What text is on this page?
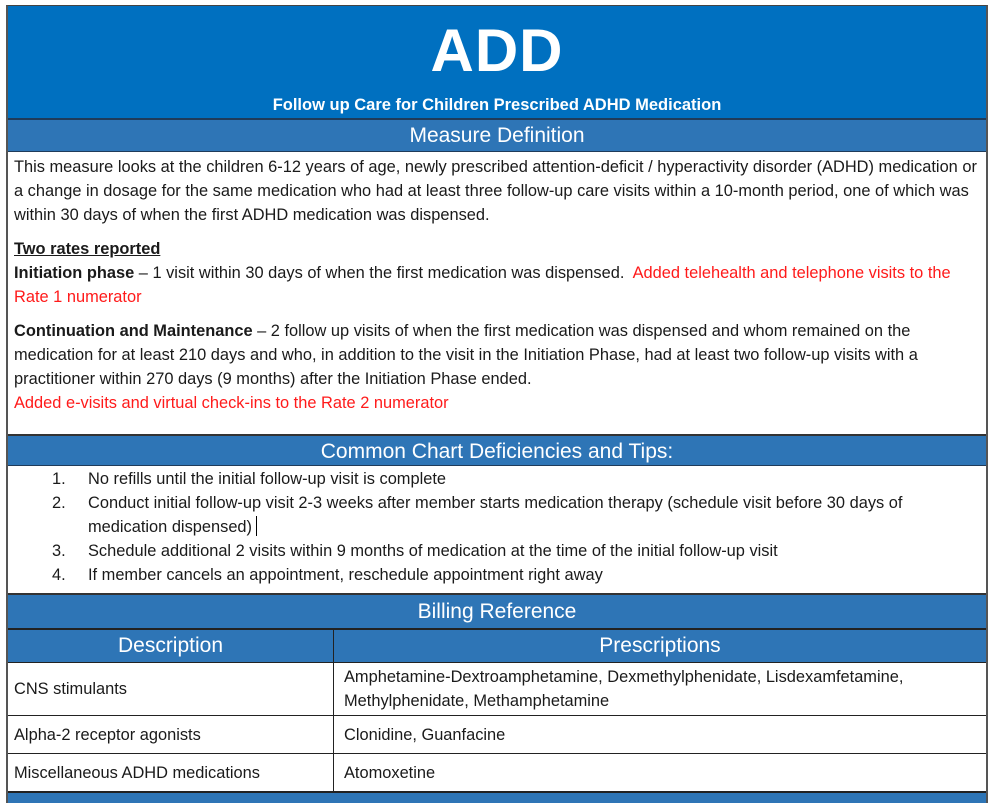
ADD
Follow up Care for Children Prescribed ADHD Medication
Measure Definition

This measure looks at the children 6-12 years of age, newly prescribed attention-deficit / hyperactivity disorder (ADHD) medication or a change in dosage for the same medication who had at least three follow-up care visits within a 10-month period, one of which was within 30 days of when the first ADHD medication was dispensed.

Two rates reported

Initiation phase – 1 visit within 30 days of when the first medication was dispensed.  Added telehealth and telephone visits to the Rate 1 numerator

Continuation and Maintenance – 2 follow up visits of when the first medication was dispensed and whom remained on the medication for at least 210 days and who, in addition to the visit in the Initiation Phase, had at least two follow-up visits with a practitioner within 270 days (9 months) after the Initiation Phase ended.
Added e-visits and virtual check-ins to the Rate 2 numerator

Common Chart Deficiencies and Tips:
1. No refills until the initial follow-up visit is complete
2. Conduct initial follow-up visit 2-3 weeks after member starts medication therapy (schedule visit before 30 days of medication dispensed)
3. Schedule additional 2 visits within 9 months of medication at the time of the initial follow-up visit
4. If member cancels an appointment, reschedule appointment right away
Billing Reference
Description	Prescriptions
CNS stimulants	Amphetamine-Dextroamphetamine, Dexmethylphenidate, Lisdexamfetamine, Methylphenidate, Methamphetamine
Alpha-2 receptor agonists	Clonidine, Guanfacine
Miscellaneous ADHD medications	Atomoxetine
